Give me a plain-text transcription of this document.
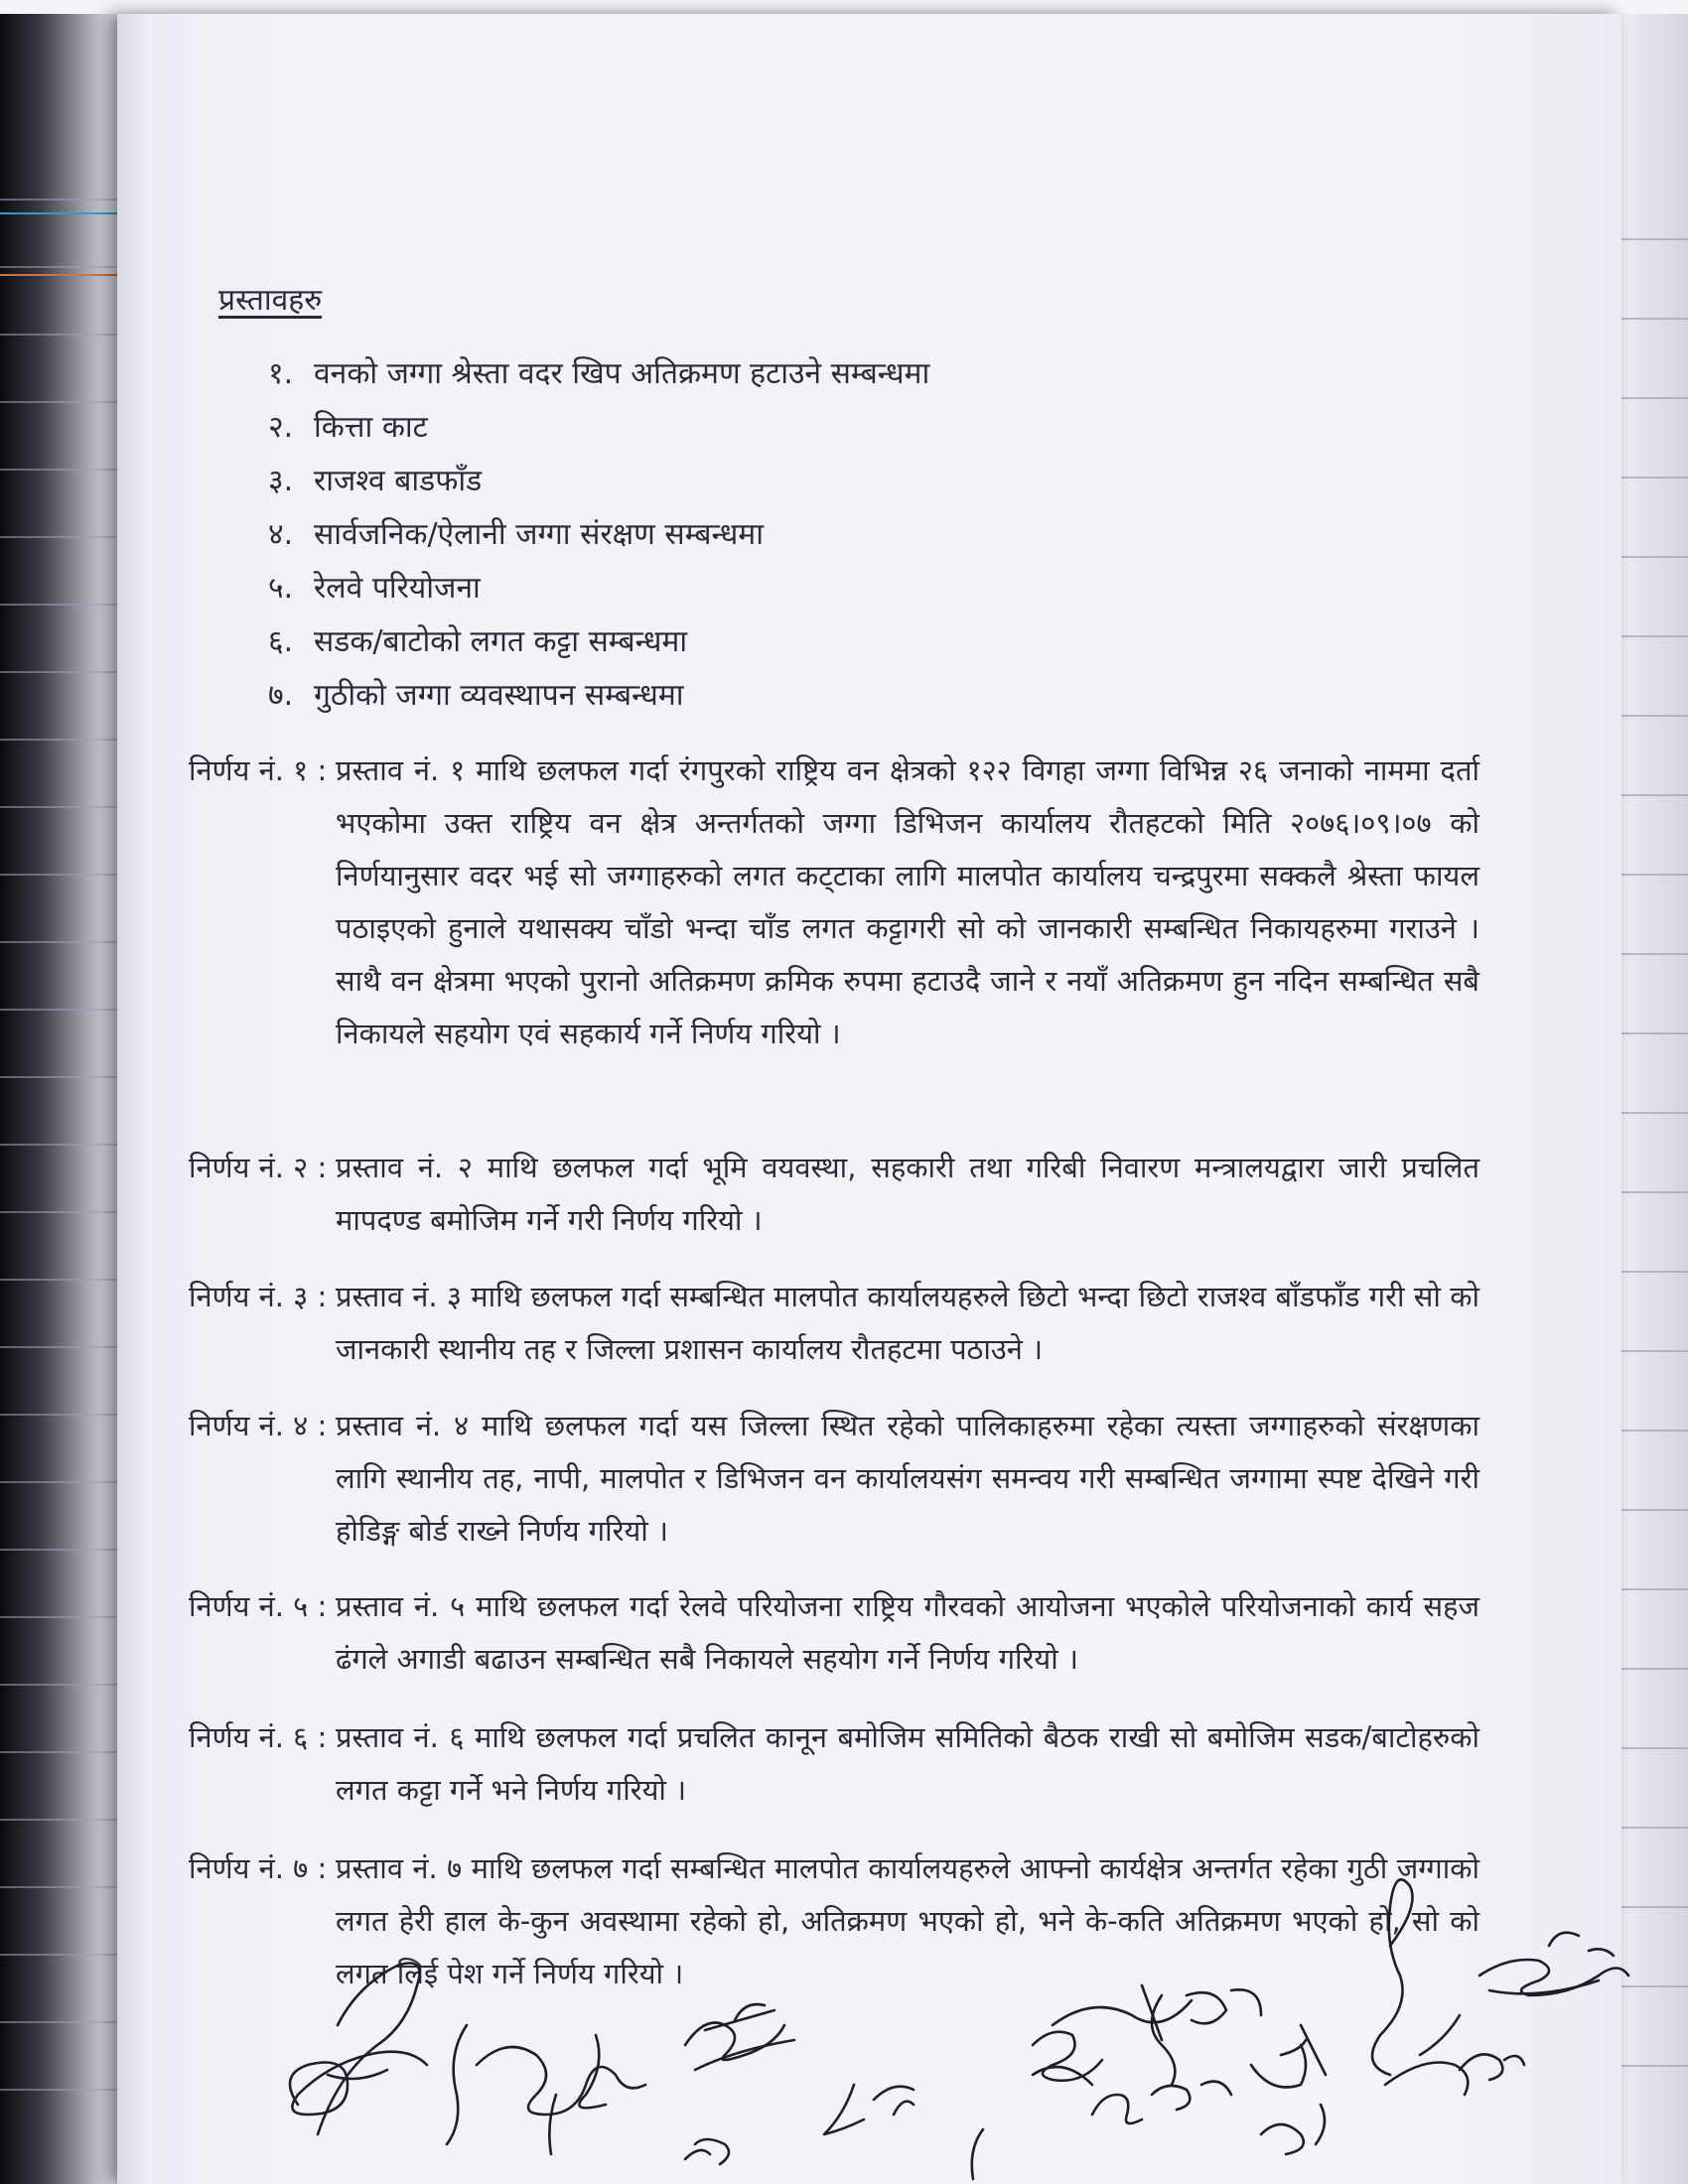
प्रस्तावहरु
१. वनको जग्गा श्रेस्ता वदर खिप अतिक्रमण हटाउने सम्बन्धमा
२. कित्ता काट
३. राजश्व बाडफाँड
४. सार्वजनिक/ऐलानी जग्गा संरक्षण सम्बन्धमा
५. रेलवे परियोजना
६. सडक/बाटोको लगत कट्टा सम्बन्धमा
७. गुठीको जग्गा व्यवस्थापन सम्बन्धमा
निर्णय नं. १ : प्रस्ताव नं. १ माथि छलफल गर्दा रंगपुरको राष्ट्रिय वन क्षेत्रको १२२ विगहा जग्गा विभिन्न २६ जनाको नाममा दर्ता भएकोमा उक्त राष्ट्रिय वन क्षेत्र अन्तर्गतको जग्गा डिभिजन कार्यालय रौतहटको मिति २०७६।०९।०७ को निर्णयानुसार वदर भई सो जग्गाहरुको लगत कट्‌टाका लागि मालपोत कार्यालय चन्द्रपुरमा सक्कलै श्रेस्ता फायल पठाइएको हुनाले यथासक्य चाँडो भन्दा चाँड लगत कट्टागरी सो को जानकारी सम्बन्धित निकायहरुमा गराउने । साथै वन क्षेत्रमा भएको पुरानो अतिक्रमण क्रमिक रुपमा हटाउदै जाने र नयाँ अतिक्रमण हुन नदिन सम्बन्धित सबै निकायले सहयोग एवं सहकार्य गर्ने निर्णय गरियो ।
निर्णय नं. २ : प्रस्ताव नं. २ माथि छलफल गर्दा भूमि वयवस्था, सहकारी तथा गरिबी निवारण मन्त्रालयद्वारा जारी प्रचलित मापदण्ड बमोजिम गर्ने गरी निर्णय गरियो ।
निर्णय नं. ३ : प्रस्ताव नं. ३ माथि छलफल गर्दा सम्बन्धित मालपोत कार्यालयहरुले छिटो भन्दा छिटो राजश्व बाँडफाँड गरी सो को जानकारी स्थानीय तह र जिल्ला प्रशासन कार्यालय रौतहटमा पठाउने ।
निर्णय नं. ४ : प्रस्ताव नं. ४ माथि छलफल गर्दा यस जिल्ला स्थित रहेको पालिकाहरुमा रहेका त्यस्ता जग्गाहरुको संरक्षणका लागि स्थानीय तह, नापी, मालपोत र डिभिजन वन कार्यालयसंग समन्वय गरी सम्बन्धित जग्गामा स्पष्ट देखिने गरी होडिङ्ग बोर्ड राख्ने निर्णय गरियो ।
निर्णय नं. ५ : प्रस्ताव नं. ५ माथि छलफल गर्दा रेलवे परियोजना राष्ट्रिय गौरवको आयोजना भएकोले परियोजनाको कार्य सहज ढंगले अगाडी बढाउन सम्बन्धित सबै निकायले सहयोग गर्ने निर्णय गरियो ।
निर्णय नं. ६ : प्रस्ताव नं. ६ माथि छलफल गर्दा प्रचलित कानून बमोजिम समितिको बैठक राखी सो बमोजिम सडक/बाटोहरुको लगत कट्टा गर्ने भने निर्णय गरियो ।
निर्णय नं. ७ : प्रस्ताव नं. ७ माथि छलफल गर्दा सम्बन्धित मालपोत कार्यालयहरुले आफ्नो कार्यक्षेत्र अन्तर्गत रहेका गुठी जग्गाको लगत हेरी हाल के-कुन अवस्थामा रहेको हो, अतिक्रमण भएको हो, भने के-कति अतिक्रमण भएको हो, सो को लगत लिई पेश गर्ने निर्णय गरियो ।
